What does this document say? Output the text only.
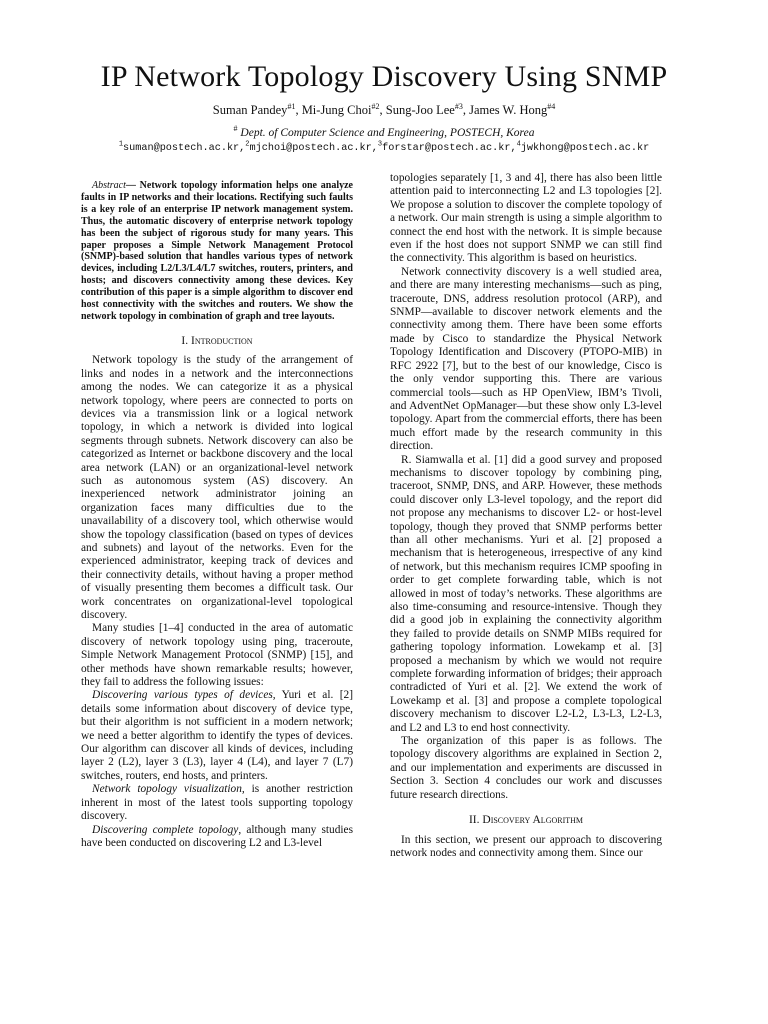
IP Network Topology Discovery Using SNMP
Suman Pandey$^{\#1}$, Mi-Jung Choi$^{\#2}$, Sung-Joo Lee$^{\#3}$, James W. Hong$^{\#4}$
# Dept. of Computer Science and Engineering, POSTECH, Korea
$^1$suman@postech.ac.kr,$^2$mjchoi@postech.ac.kr,$^3$forstar@postech.ac.kr,$^4$jwkhong@postech.ac.kr

Abstract— Network topology information helps one analyze faults in IP networks and their locations. Rectifying such faults is a key role of an enterprise IP network management system. Thus, the automatic discovery of enterprise network topology has been the subject of rigorous study for many years. This paper proposes a Simple Network Management Protocol (SNMP)-based solution that handles various types of network devices, including L2/L3/L4/L7 switches, routers, printers, and hosts; and discovers connectivity among these devices. Key contribution of this paper is a simple algorithm to discover end host connectivity with the switches and routers. We show the network topology in combination of graph and tree layouts.

I. Introduction

Network topology is the study of the arrangement of links and nodes in a network and the interconnections among the nodes. We can categorize it as a physical network topology, where peers are connected to ports on devices via a transmission link or a logical network topology, in which a network is divided into logical segments through subnets. Network discovery can also be categorized as Internet or backbone discovery and the local area network (LAN) or an organizational-level network such as autonomous system (AS) discovery. An inexperienced network administrator joining an organization faces many difficulties due to the unavailability of a discovery tool, which otherwise would show the topology classification (based on types of devices and subnets) and layout of the networks. Even for the experienced administrator, keeping track of devices and their connectivity details, without having a proper method of visually presenting them becomes a difficult task. Our work concentrates on organizational-level topological discovery.

Many studies [1–4] conducted in the area of automatic discovery of network topology using ping, traceroute, Simple Network Management Protocol (SNMP) [15], and other methods have shown remarkable results; however, they fail to address the following issues:

Discovering various types of devices, Yuri et al. [2] details some information about discovery of device type, but their algorithm is not sufficient in a modern network; we need a better algorithm to identify the types of devices. Our algorithm can discover all kinds of devices, including layer 2 (L2), layer 3 (L3), layer 4 (L4), and layer 7 (L7) switches, routers, end hosts, and printers.

Network topology visualization, is another restriction inherent in most of the latest tools supporting topology discovery.

Discovering complete topology, although many studies have been conducted on discovering L2 and L3-level

topologies separately [1, 3 and 4], there has also been little attention paid to interconnecting L2 and L3 topologies [2]. We propose a solution to discover the complete topology of a network. Our main strength is using a simple algorithm to connect the end host with the network. It is simple because even if the host does not support SNMP we can still find the connectivity. This algorithm is based on heuristics.

Network connectivity discovery is a well studied area, and there are many interesting mechanisms—such as ping, traceroute, DNS, address resolution protocol (ARP), and SNMP—available to discover network elements and the connectivity among them. There have been some efforts made by Cisco to standardize the Physical Network Topology Identification and Discovery (PTOPO-MIB) in RFC 2922 [7], but to the best of our knowledge, Cisco is the only vendor supporting this. There are various commercial tools—such as HP OpenView, IBM’s Tivoli, and AdventNet OpManager—but these show only L3-level topology. Apart from the commercial efforts, there has been much effort made by the research community in this direction.

R. Siamwalla et al. [1] did a good survey and proposed mechanisms to discover topology by combining ping, traceroot, SNMP, DNS, and ARP. However, these methods could discover only L3-level topology, and the report did not propose any mechanisms to discover L2- or host-level topology, though they proved that SNMP performs better than all other mechanisms. Yuri et al. [2] proposed a mechanism that is heterogeneous, irrespective of any kind of network, but this mechanism requires ICMP spoofing in order to get complete forwarding table, which is not allowed in most of today’s networks. These algorithms are also time-consuming and resource-intensive. Though they did a good job in explaining the connectivity algorithm they failed to provide details on SNMP MIBs required for gathering topology information. Lowekamp et al. [3] proposed a mechanism by which we would not require complete forwarding information of bridges; their approach contradicted of Yuri et al. [2]. We extend the work of Lowekamp et al. [3] and propose a complete topological discovery mechanism to discover L2-L2, L3-L3, L2-L3, and L2 and L3 to end host connectivity.

The organization of this paper is as follows. The topology discovery algorithms are explained in Section 2, and our implementation and experiments are discussed in Section 3. Section 4 concludes our work and discusses future research directions.

II. Discovery Algorithm

In this section, we present our approach to discovering network nodes and connectivity among them. Since our
